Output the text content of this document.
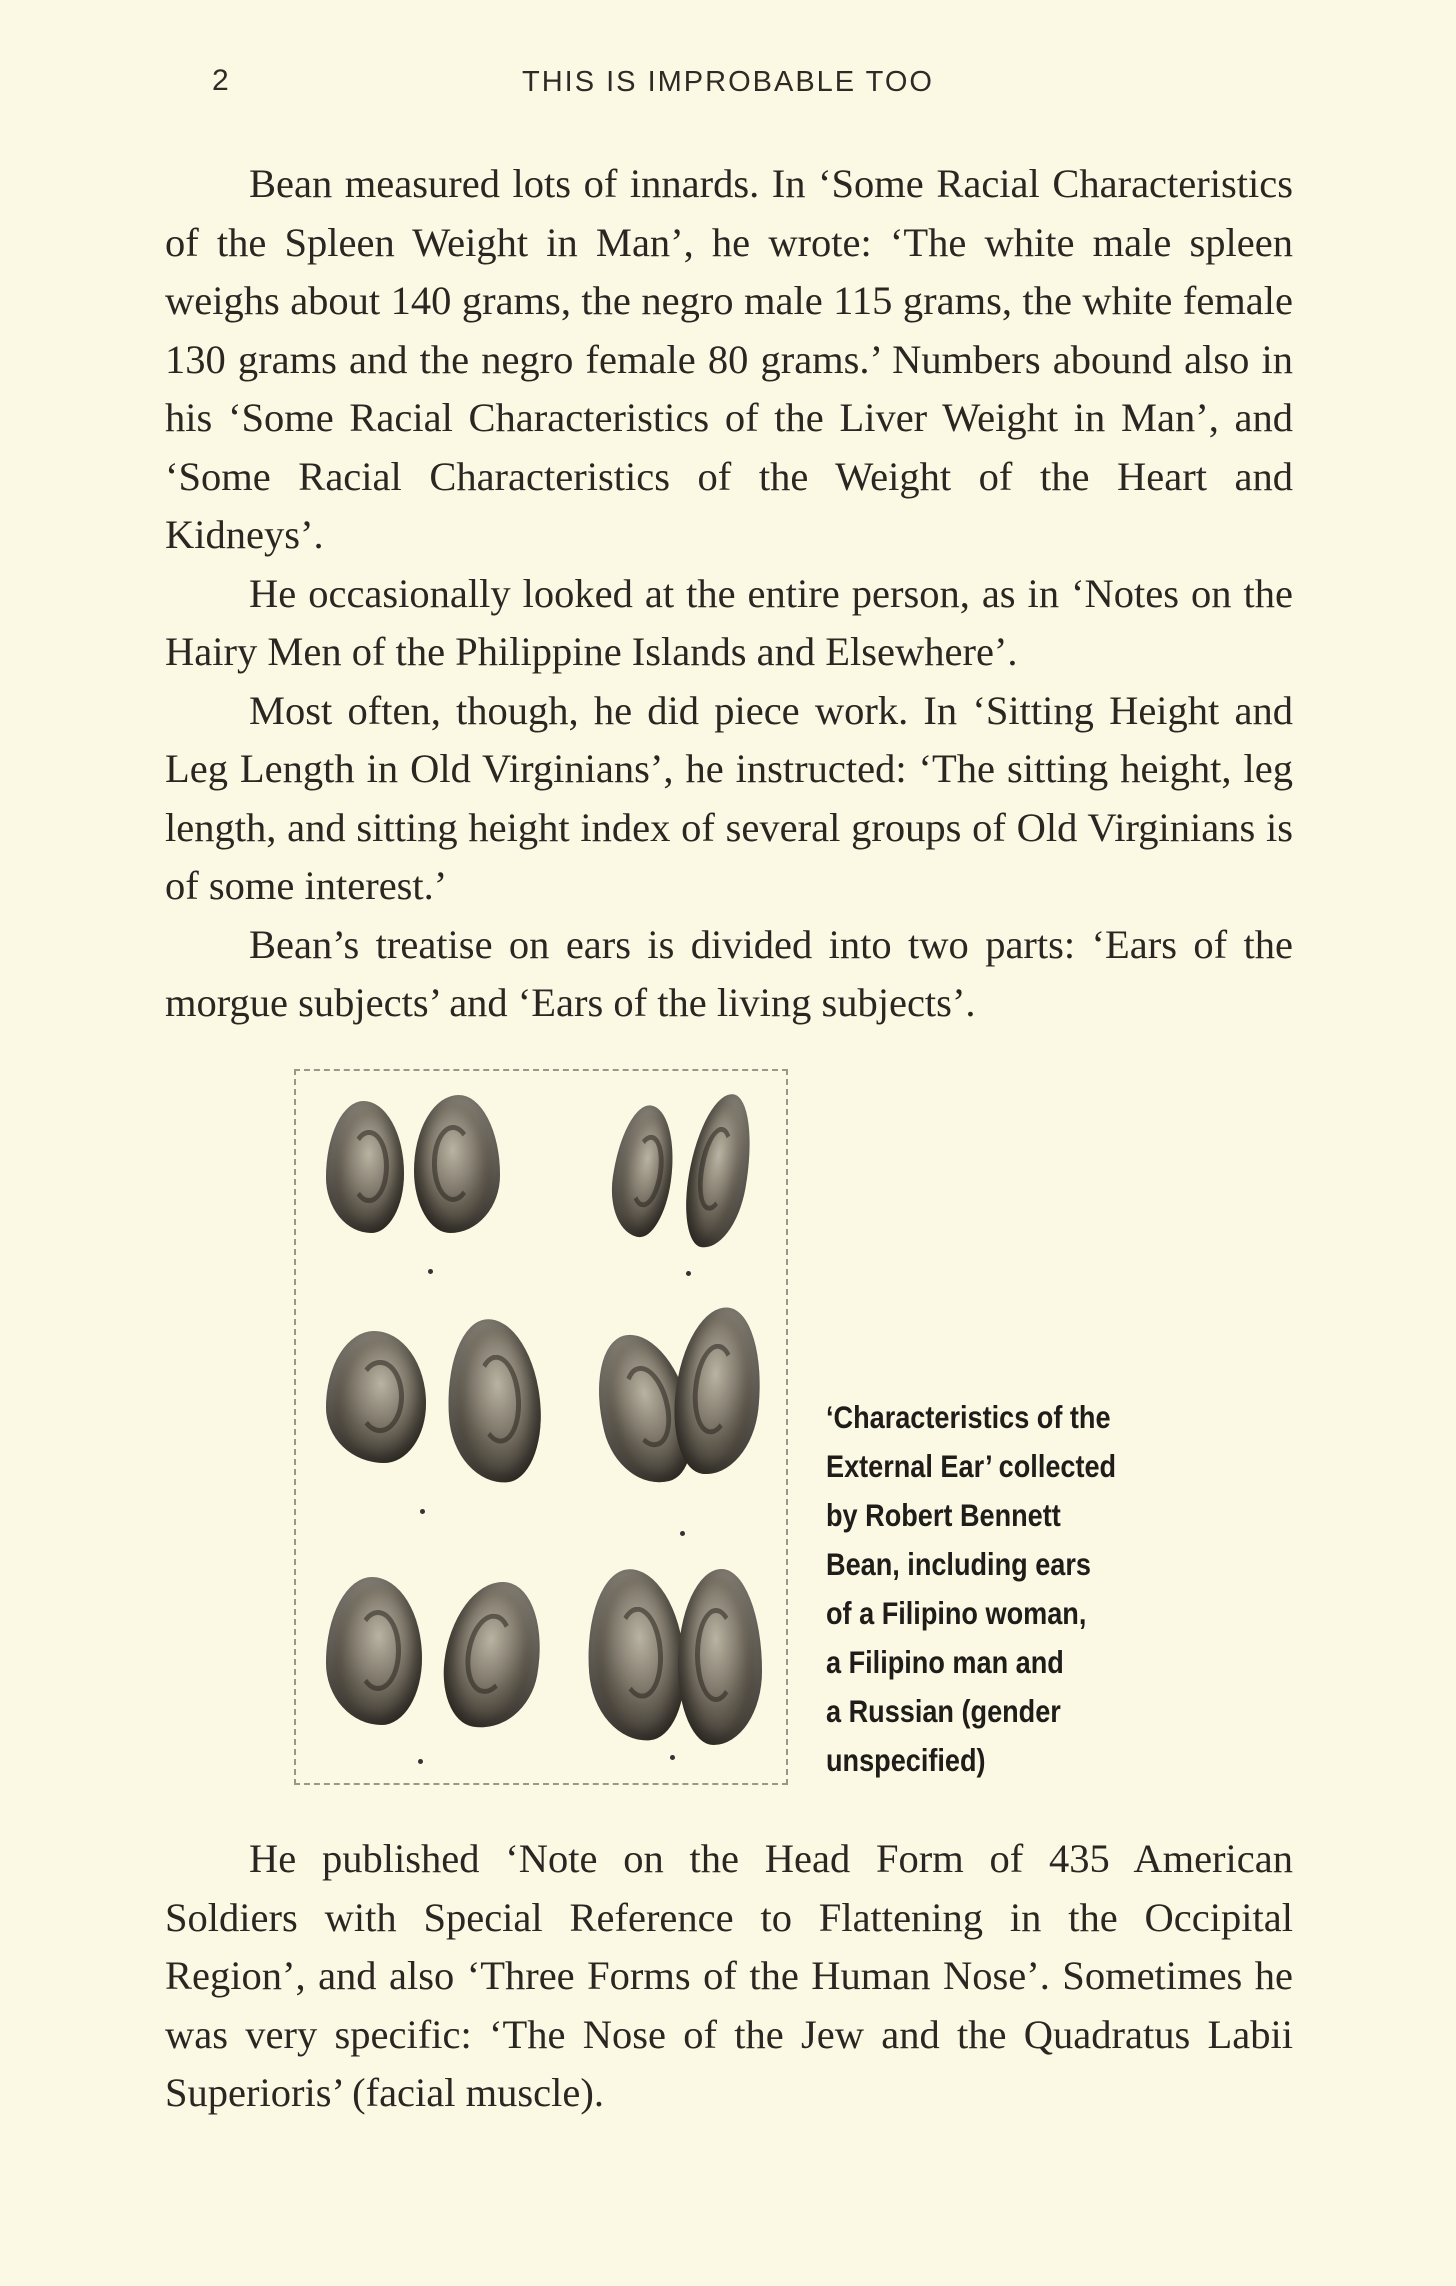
2	THIS IS IMPROBABLE TOO

Bean measured lots of innards. In ‘Some Racial Characteristics of the Spleen Weight in Man’, he wrote: ‘The white male spleen weighs about 140 grams, the negro male 115 grams, the white female 130 grams and the negro female 80 grams.’ Numbers abound also in his ‘Some Racial Characteristics of the Liver Weight in Man’, and ‘Some Racial Characteristics of the Weight of the Heart and Kidneys’.

He occasionally looked at the entire person, as in ‘Notes on the Hairy Men of the Philippine Islands and Elsewhere’.

Most often, though, he did piece work. In ‘Sitting Height and Leg Length in Old Virginians’, he instructed: ‘The sitting height, leg length, and sitting height index of several groups of Old Virginians is of some interest.’

Bean’s treatise on ears is divided into two parts: ‘Ears of the morgue subjects’ and ‘Ears of the living subjects’.

‘Characteristics of the
External Ear’ collected
by Robert Bennett
Bean, including ears
of a Filipino woman,
a Filipino man and
a Russian (gender
unspecified)

He published ‘Note on the Head Form of 435 American Soldiers with Special Reference to Flattening in the Occipital Region’, and also ‘Three Forms of the Human Nose’. Sometimes he was very specific: ‘The Nose of the Jew and the Quadratus Labii Superioris’ (facial muscle).
